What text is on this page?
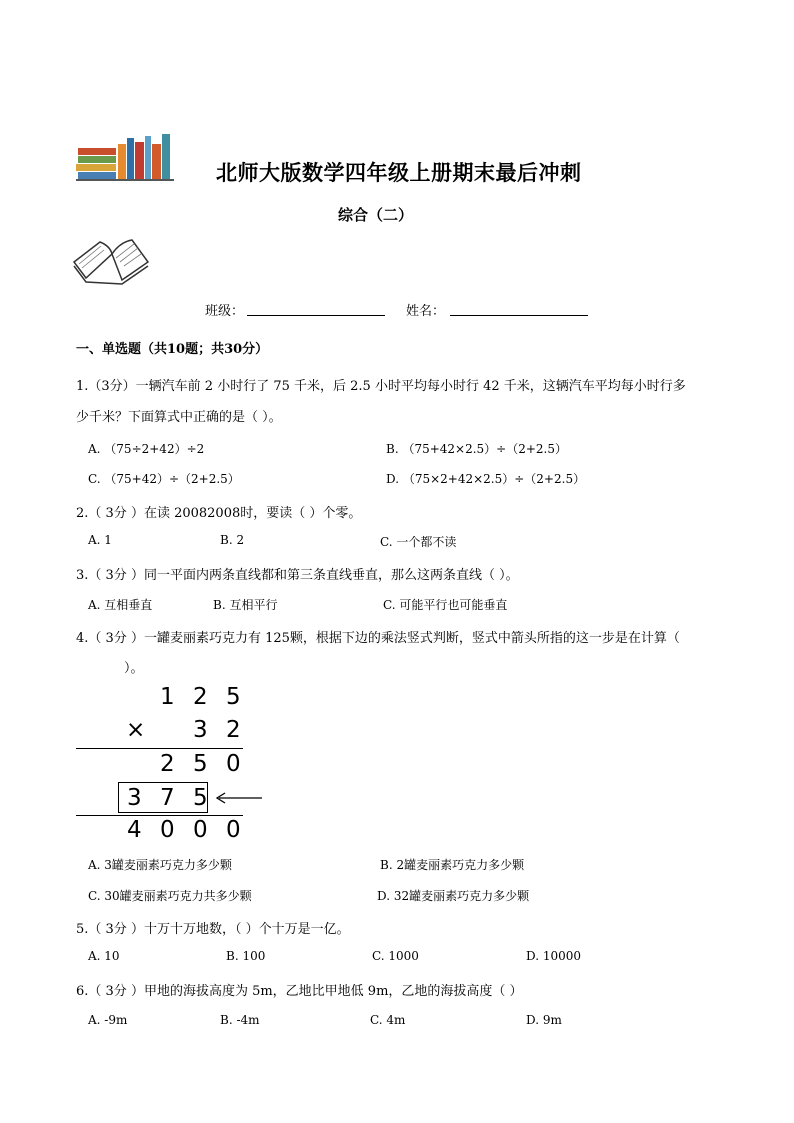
北师大版数学四年级上册期末最后冲刺
综合（二）
班级：	姓名：
一、单选题（共10题；共30分）
1.（3分）一辆汽车前 2 小时行了 75 千米，后 2.5 小时平均每小时行 42 千米，这辆汽车平均每小时行多
少千米？下面算式中正确的是（ ）。
A. （75÷2+42）÷2	B. （75+42×2.5）÷（2+2.5）
C. （75+42）÷（2+2.5）	D. （75×2+42×2.5）÷（2+2.5）
2.（ 3分 ）在读 20082008时，要读（ ）个零。
A. 1	B. 2	C. 一个都不读
3.（ 3分 ）同一平面内两条直线都和第三条直线垂直，那么这两条直线（ ）。
A. 互相垂直	B. 互相平行	C. 可能平行也可能垂直
4.（ 3分 ）一罐麦丽素巧克力有 125颗，根据下边的乘法竖式判断，竖式中箭头所指的这一步是在计算（
）。
1 2 5
× 3 2
2 5 0
3 7 5
4 0 0 0
A. 3罐麦丽素巧克力多少颗	B. 2罐麦丽素巧克力多少颗
C. 30罐麦丽素巧克力共多少颗	D. 32罐麦丽素巧克力多少颗
5.（ 3分 ）十万十万地数，（ ）个十万是一亿。
A. 10	B. 100	C. 1000	D. 10000
6.（ 3分 ）甲地的海拔高度为 5m，乙地比甲地低 9m，乙地的海拔高度（ ）
A. -9m	B. -4m	C. 4m	D. 9m
